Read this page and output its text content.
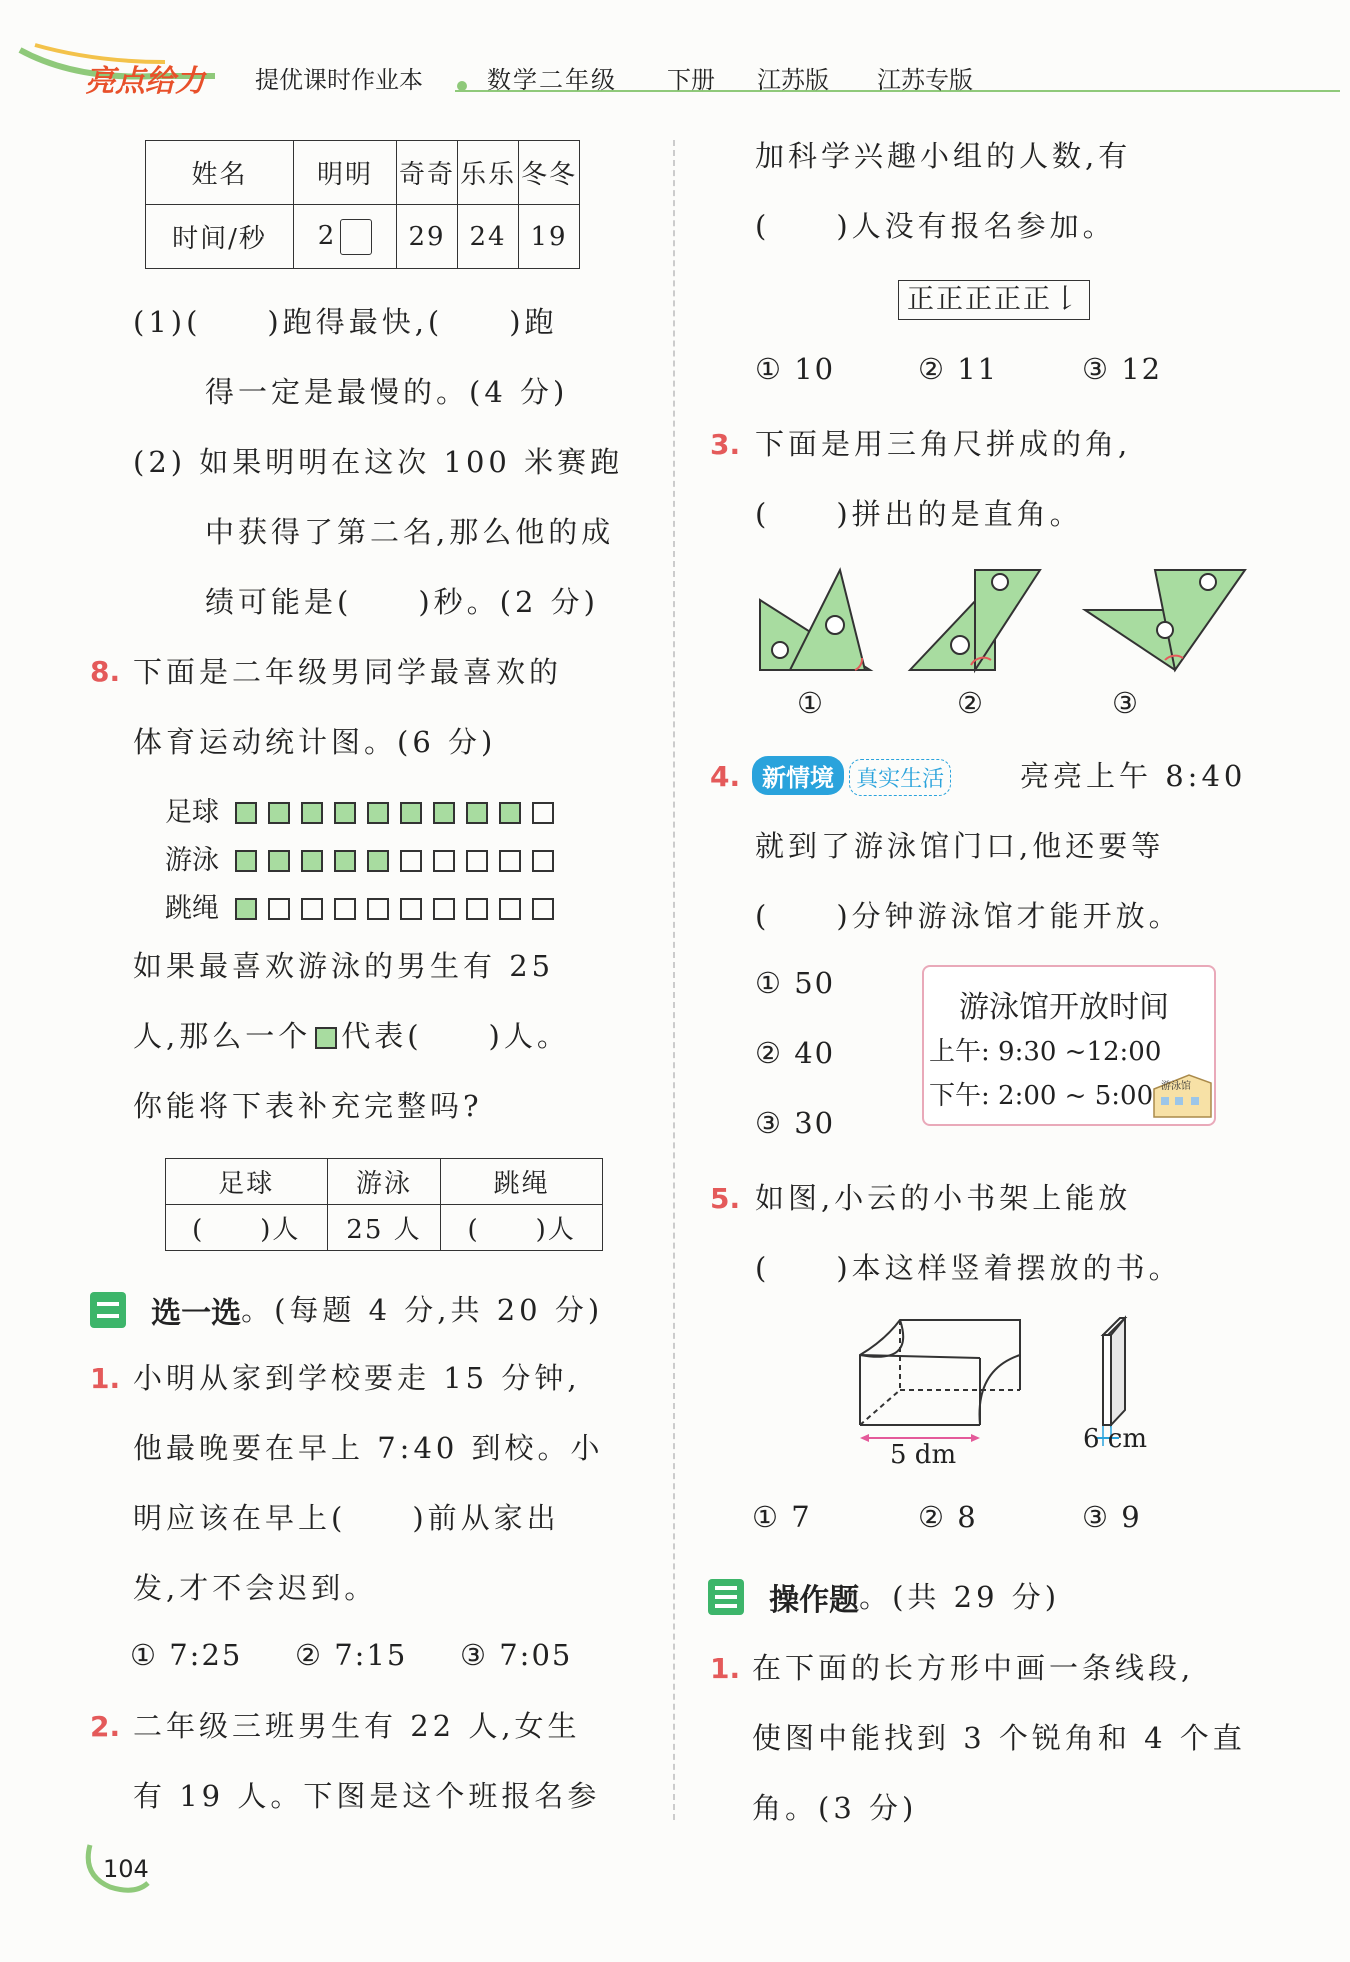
亮点给力 提优课时作业本	数学二年级 下册 江苏版 江苏专版
姓名	明明	奇奇	乐乐	冬冬
时间/秒	2	29	24	19
(1)(　　)跑得最快,(　　)跑
得一定是最慢的。(4 分)
(2) 如果明明在这次 100 米赛跑
中获得了第二名,那么他的成
绩可能是(　　)秒。(2 分)
8. 下面是二年级男同学最喜欢的
体育运动统计图。(6 分)
足球
游泳
跳绳
如果最喜欢游泳的男生有 25
人,那么一个 代表(　　)人。
你能将下表补充完整吗?
足球	游泳	跳绳
(　　)人	25 人	(　　)人
选一选。(每题 4 分,共 20 分)
1. 小明从家到学校要走 15 分钟,
他最晚要在早上 7:40 到校。小
明应该在早上(　　)前从家出
发,才不会迟到。
① 7:25 ② 7:15 ③ 7:05
2. 二年级三班男生有 22 人,女生
有 19 人。下图是这个班报名参
104
加科学兴趣小组的人数,有
(　　)人没有报名参加。
正正正正正𠄌
① 10	② 11	③ 12
3. 下面是用三角尺拼成的角,
(　　)拼出的是直角。
①	②	③
4. 新情境 真实生活	亮亮上午 8:40
就到了游泳馆门口,他还要等
(　　)分钟游泳馆才能开放。
① 50
② 40
③ 30
游泳馆开放时间
上午: 9:30 ~12:00
下午: 2:00 ~ 5:00 游泳馆
5. 如图,小云的小书架上能放
(　　)本这样竖着摆放的书。
5 dm
6 cm
① 7	② 8	③ 9
操作题。(共 29 分)
1. 在下面的长方形中画一条线段,
使图中能找到 3 个锐角和 4 个直
角。(3 分)
